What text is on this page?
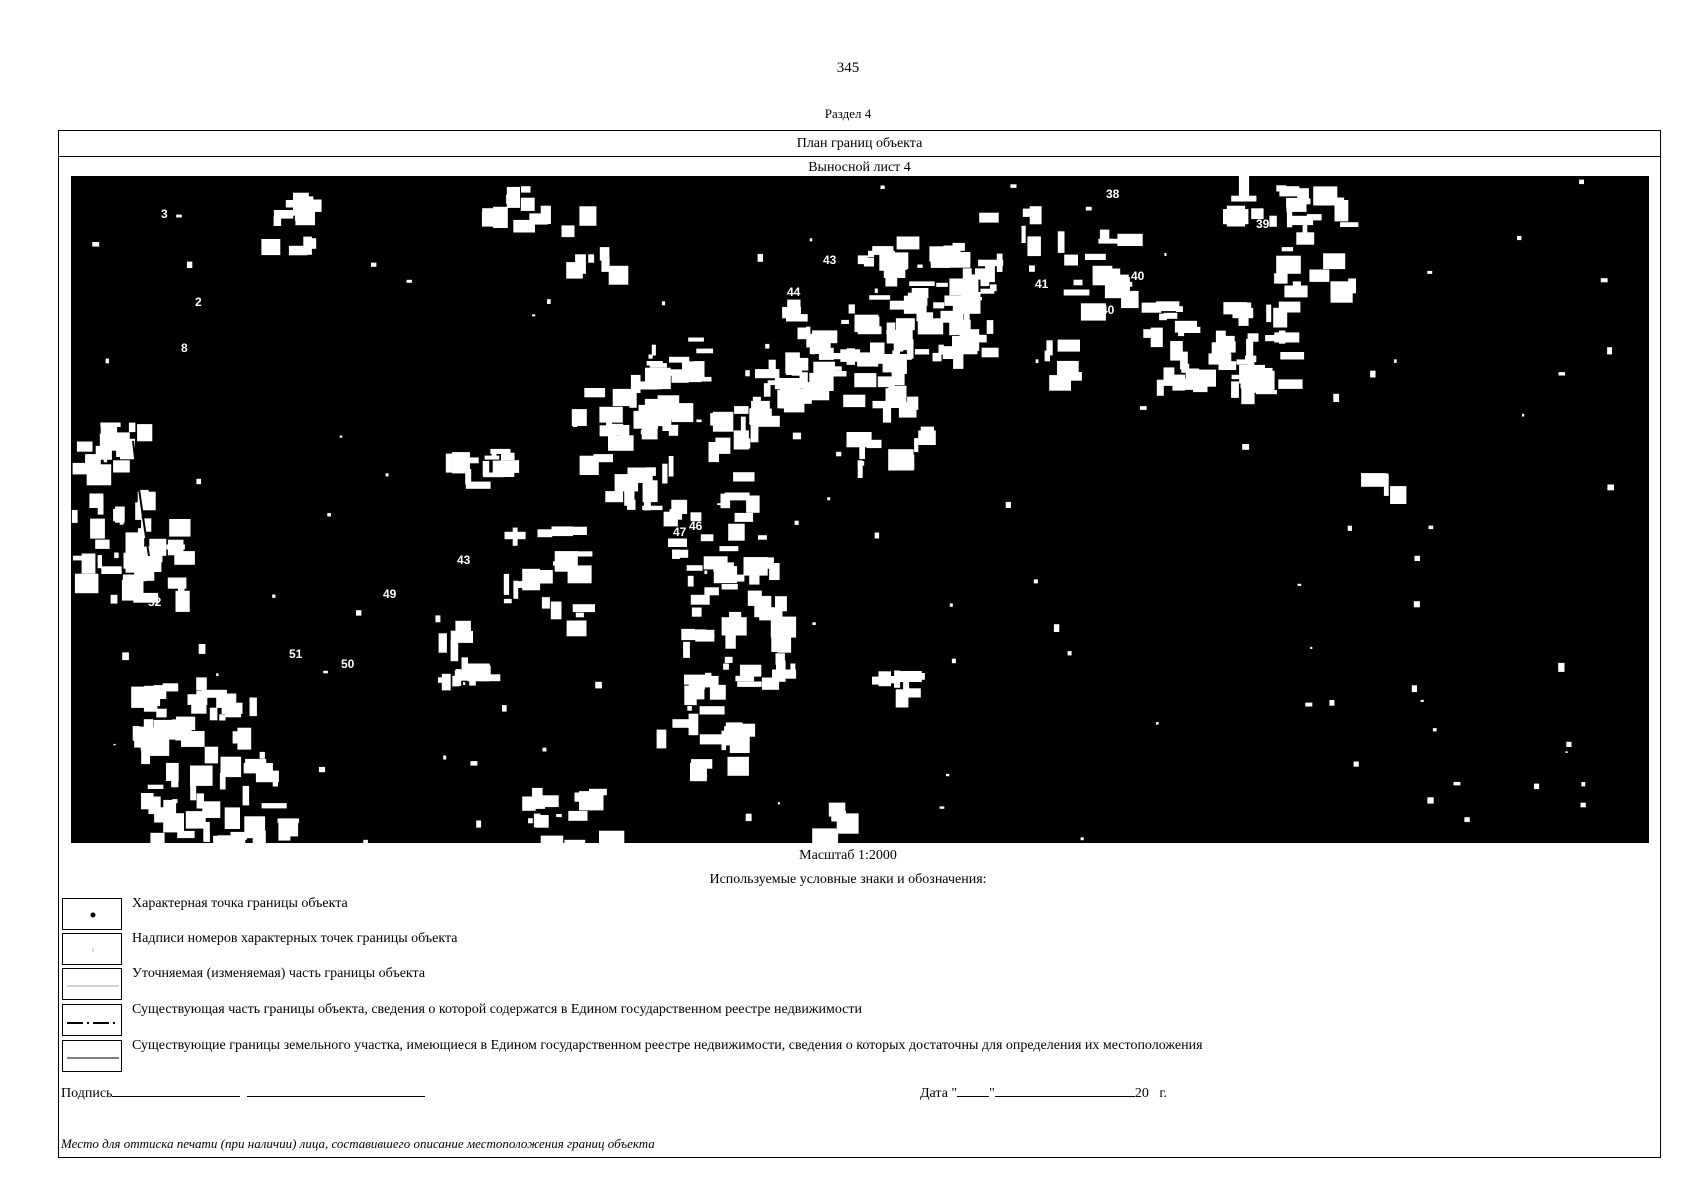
345
Раздел 4
План границ объекта
Выносной лист 4
3
2
8
38
39
40
41
43
44
45
46
47
48
49
50
51
52
40
43
Масштаб 1:2000
Используемые условные знаки и обозначения:
Характерная точка границы объекта
Надписи номеров характерных точек границы объекта
Уточняемая (изменяемая) часть границы объекта
Существующая часть границы объекта, сведения о которой содержатся в Едином государственном реестре недвижимости
Существующие границы земельного участка, имеющиеся в Едином государственном реестре недвижимости, сведения о которых достаточны для определения их местоположения
Подпись	Дата " "	20 г.
Место для оттиска печати (при наличии) лица, составившего описание местоположения границ объекта
